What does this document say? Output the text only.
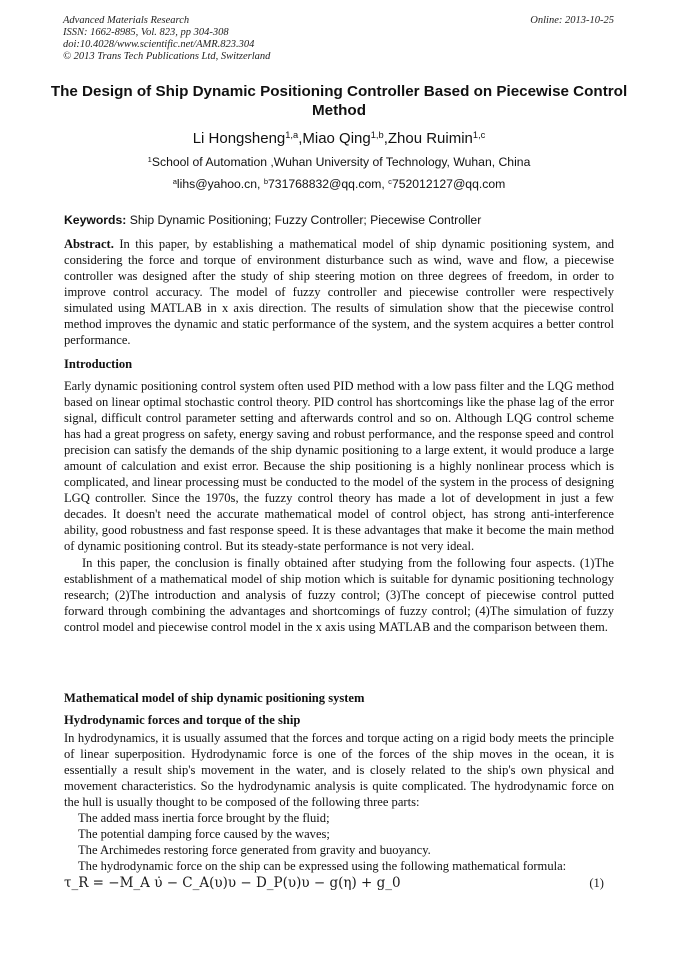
Advanced Materials Research
ISSN: 1662-8985, Vol. 823, pp 304-308
doi:10.4028/www.scientific.net/AMR.823.304
© 2013 Trans Tech Publications Ltd, Switzerland
Online: 2013-10-25
The Design of Ship Dynamic Positioning Controller Based on Piecewise Control Method
Li Hongsheng$^{1,a}$,Miao Qing$^{1,b}$,Zhou Ruimin$^{1,c}$
$^1$School of Automation ,Wuhan University of Technology, Wuhan, China
$^a$lihs@yahoo.cn, $^b$731768832@qq.com, $^c$752012127@qq.com
Keywords: Ship Dynamic Positioning; Fuzzy Controller; Piecewise Controller

Abstract. In this paper, by establishing a mathematical model of ship dynamic positioning system, and considering the force and torque of environment disturbance such as wind, wave and flow, a piecewise controller was designed after the study of ship steering motion on three degrees of freedom, in order to improve control accuracy. The model of fuzzy controller and piecewise controller were respectively simulated using MATLAB in x axis direction. The results of simulation show that the piecewise control method improves the dynamic and static performance of the system, and the system acquires a better control performance.

Introduction

Early dynamic positioning control system often used PID method with a low pass filter and the LQG method based on linear optimal stochastic control theory. PID control has shortcomings like the phase lag of the error signal, difficult control parameter setting and afterwards control and so on. Although LQG control scheme has had a great progress on safety, energy saving and robust performance, and the response speed and control precision can satisfy the demands of the ship dynamic positioning to a large extent, it would produce a large amount of calculation and exist error. Because the ship positioning is a highly nonlinear process which is complicated, and linear processing must be conducted to the model of the system in the process of designing LGQ controller. Since the 1970s, the fuzzy control theory has made a lot of development in just a few decades. It doesn't need the accurate mathematical model of control object, has strong anti-interference ability, good robustness and fast response speed. It is these advantages that make it become the main method of dynamic positioning control. But its steady-state performance is not very ideal.

In this paper, the conclusion is finally obtained after studying from the following four aspects. (1)The establishment of a mathematical model of ship motion which is suitable for dynamic positioning technology research; (2)The introduction and analysis of fuzzy control; (3)The concept of piecewise control putted forward through combining the advantages and shortcomings of fuzzy control; (4)The simulation of fuzzy control model and piecewise control model in the x axis using MATLAB and the comparison between them.

Mathematical model of ship dynamic positioning system
Hydrodynamic forces and torque of the ship

In hydrodynamics, it is usually assumed that the forces and torque acting on a rigid body meets the principle of linear superposition. Hydrodynamic force is one of the forces of the ship moves in the ocean, it is essentially a result ship's movement in the water, and is closely related to the ship's own physical and movement characteristics. So the hydrodynamic analysis is quite complicated. The hydrodynamic force on the hull is usually thought to be composed of the following three parts:

The added mass inertia force brought by the fluid;

The potential damping force caused by the waves;

The Archimedes restoring force generated from gravity and buoyancy.

The hydrodynamic force on the ship can be expressed using the following mathematical formula:

τ_R = −M_A υ̇ − C_A(υ)υ − D_P(υ)υ − g(η) + g_0	(1)
